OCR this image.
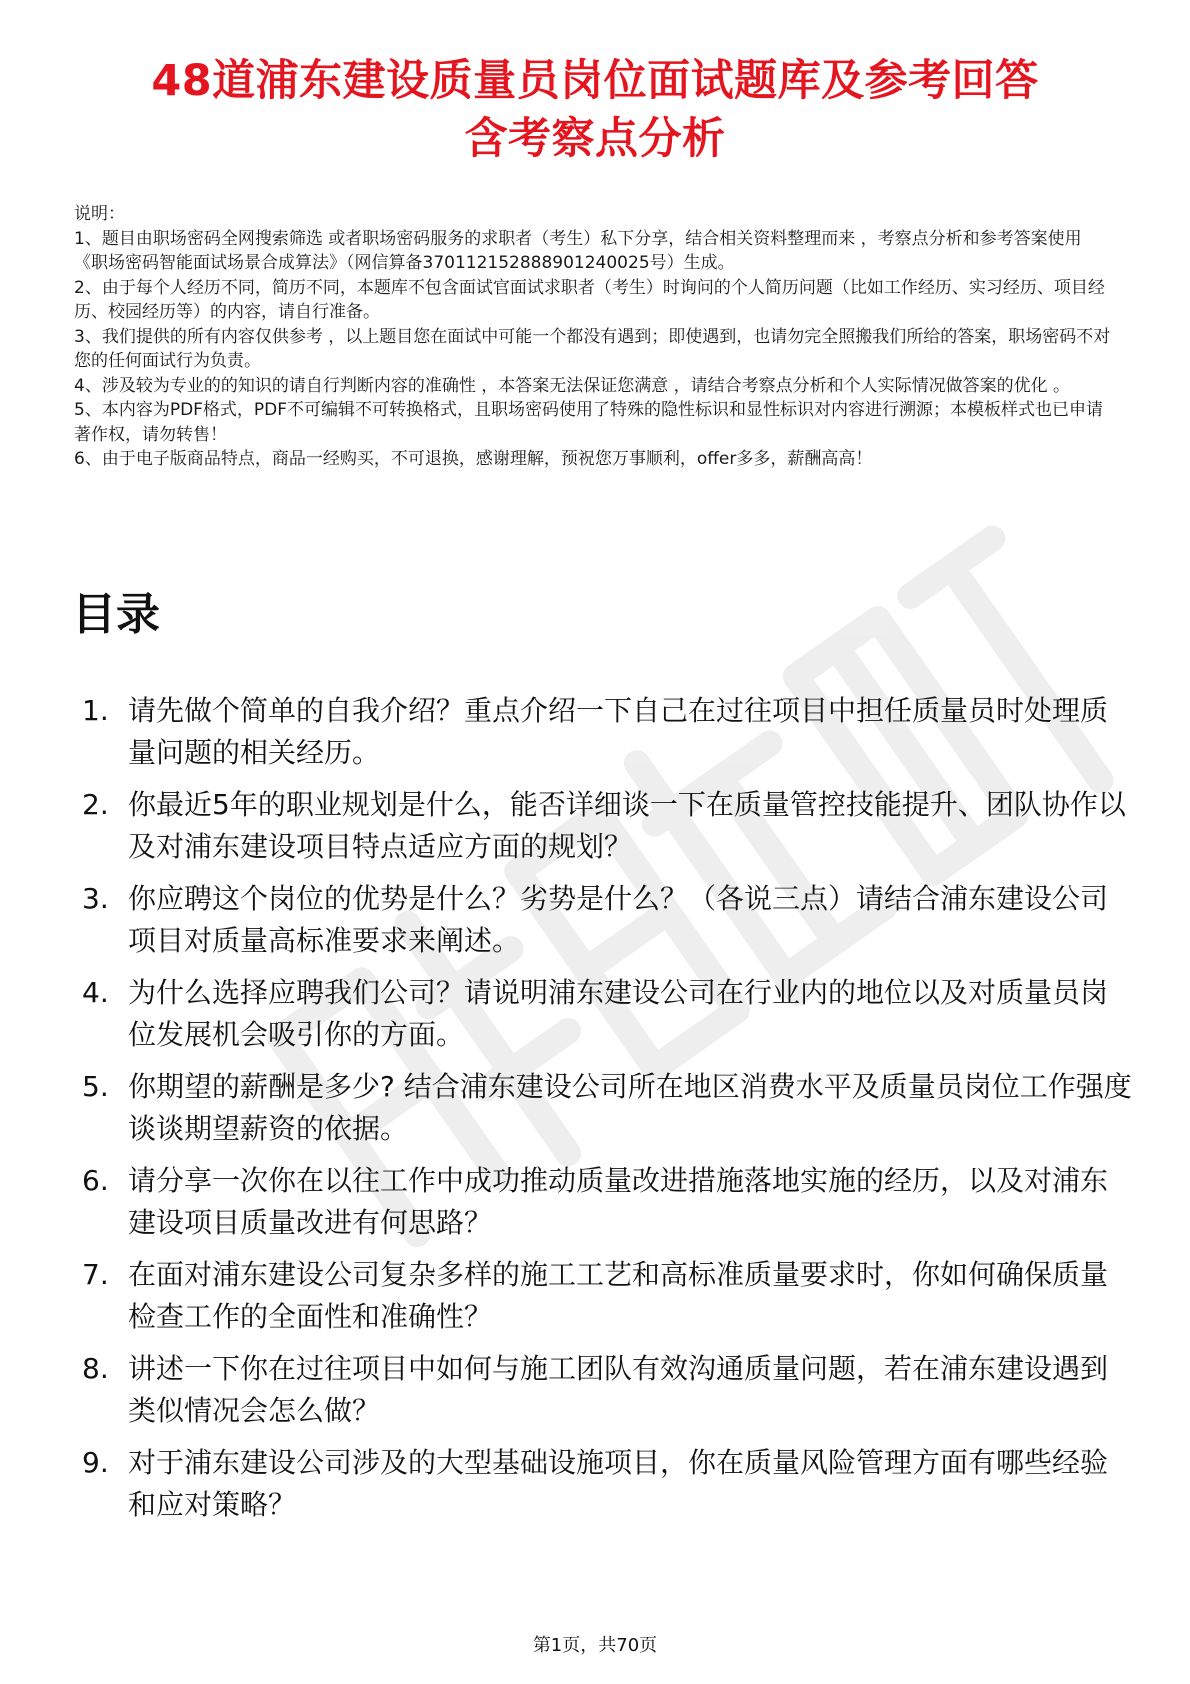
48道浦东建设质量员岗位面试题库及参考回答
含考察点分析
说明：
1、题目由职场密码全网搜索筛选 或者职场密码服务的求职者（考生）私下分享，结合相关资料整理而来 ，考察点分析和参考答案使用《职场密码智能面试场景合成算法》（网信算备370112152888901240025号）生成。
2、由于每个人经历不同，简历不同，本题库不包含面试官面试求职者（考生）时询问的个人简历问题（比如工作经历、实习经历、项目经历、校园经历等）的内容，请自行准备。
3、我们提供的所有内容仅供参考 ，以上题目您在面试中可能一个都没有遇到；即使遇到，也请勿完全照搬我们所给的答案，职场密码不对您的任何面试行为负责。
4、涉及较为专业的的知识的请自行判断内容的准确性 ，本答案无法保证您满意 ，请结合考察点分析和个人实际情况做答案的优化 。
5、本内容为PDF格式，PDF不可编辑不可转换格式，且职场密码使用了特殊的隐性标识和显性标识对内容进行溯源；本模板样式也已申请著作权，请勿转售！
6、由于电子版商品特点，商品一经购买，不可退换，感谢理解，预祝您万事顺利，offer多多，薪酬高高！
目录
1. 请先做个简单的自我介绍？重点介绍一下自己在过往项目中担任质量员时处理质量问题的相关经历。
2. 你最近5年的职业规划是什么，能否详细谈一下在质量管控技能提升、团队协作以及对浦东建设项目特点适应方面的规划？
3. 你应聘这个岗位的优势是什么？劣势是什么？（各说三点）请结合浦东建设公司项目对质量高标准要求来阐述。
4. 为什么选择应聘我们公司？请说明浦东建设公司在行业内的地位以及对质量员岗位发展机会吸引你的方面。
5. 你期望的薪酬是多少? 结合浦东建设公司所在地区消费水平及质量员岗位工作强度谈谈期望薪资的依据。
6. 请分享一次你在以往工作中成功推动质量改进措施落地实施的经历，以及对浦东建设项目质量改进有何思路？
7. 在面对浦东建设公司复杂多样的施工工艺和高标准质量要求时，你如何确保质量检查工作的全面性和准确性？
8. 讲述一下你在过往项目中如何与施工团队有效沟通质量问题，若在浦东建设遇到类似情况会怎么做？
9. 对于浦东建设公司涉及的大型基础设施项目，你在质量风险管理方面有哪些经验和应对策略？
第1页，共70页
